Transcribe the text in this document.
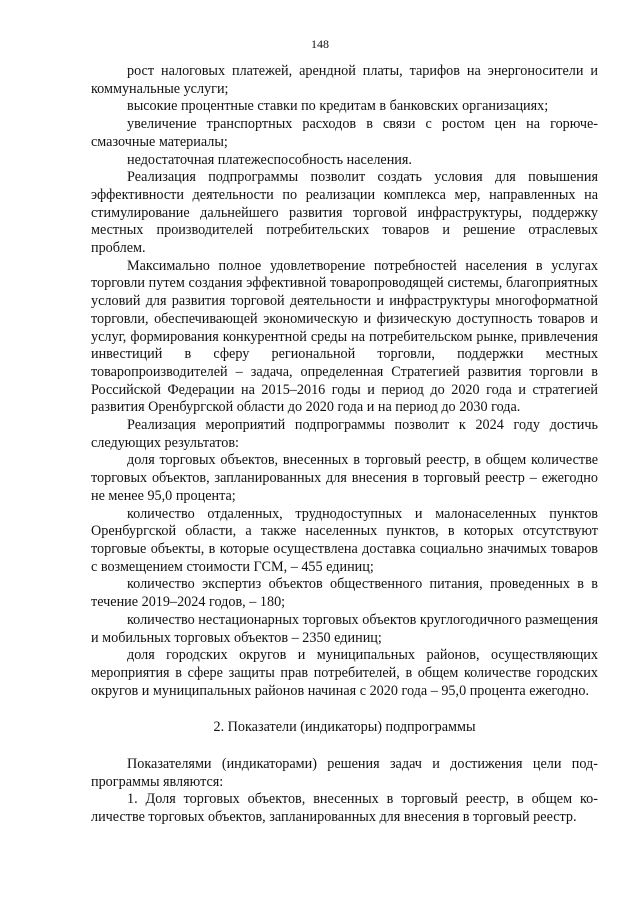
148

рост налоговых платежей, арендной платы, тарифов на энергоносители и коммунальные услуги;

высокие процентные ставки по кредитам в банковских организациях;

увеличение транспортных расходов в связи с ростом цен на горючесмазочные материалы;

недостаточная платежеспособность населения.

Реализация подпрограммы позволит создать условия для повышения эффективности деятельности по реализации комплекса мер, направленных на стимулирование дальнейшего развития торговой инфраструктуры, поддержку местных производителей потребительских товаров и решение отраслевых проблем.

Максимально полное удовлетворение потребностей населения в услугах торговли путем создания эффективной товаропроводящей системы, благоприятных условий для развития торговой деятельности и инфраструктуры многоформатной торговли, обеспечивающей экономическую и физическую доступность товаров и услуг, формирования конкурентной среды на потребительском рынке, привлечения инвестиций в сферу региональной торговли, поддержки местных товаропроизводителей – задача, определенная Стратегией развития торговли в Российской Федерации на 2015–2016 годы и период до 2020 года и стратегией развития Оренбургской области до 2020 года и на период до 2030 года.

Реализация мероприятий подпрограммы позволит к 2024 году достичь следующих результатов:

доля торговых объектов, внесенных в торговый реестр, в общем количестве торговых объектов, запланированных для внесения в торговый реестр – ежегодно не менее 95,0 процента;

количество отдаленных, труднодоступных и малонаселенных пунктов Оренбургской области, а также населенных пунктов, в которых отсутствуют торговые объекты, в которые осуществлена доставка социально значимых товаров с возмещением стоимости ГСМ, – 455 единиц;

количество экспертиз объектов общественного питания, проведенных в в течение 2019–2024 годов, – 180;

количество нестационарных торговых объектов круглогодичного размещения и мобильных торговых объектов – 2350 единиц;

доля городских округов и муниципальных районов, осуществляющих мероприятия в сфере защиты прав потребителей, в общем количестве городских округов и муниципальных районов начиная с 2020 года – 95,0 процента ежегодно.

2. Показатели (индикаторы) подпрограммы

Показателями (индикаторами) решения задач и достижения цели подпрограммы являются:

1. Доля торговых объектов, внесенных в торговый реестр, в общем количестве торговых объектов, запланированных для внесения в торговый реестр.
